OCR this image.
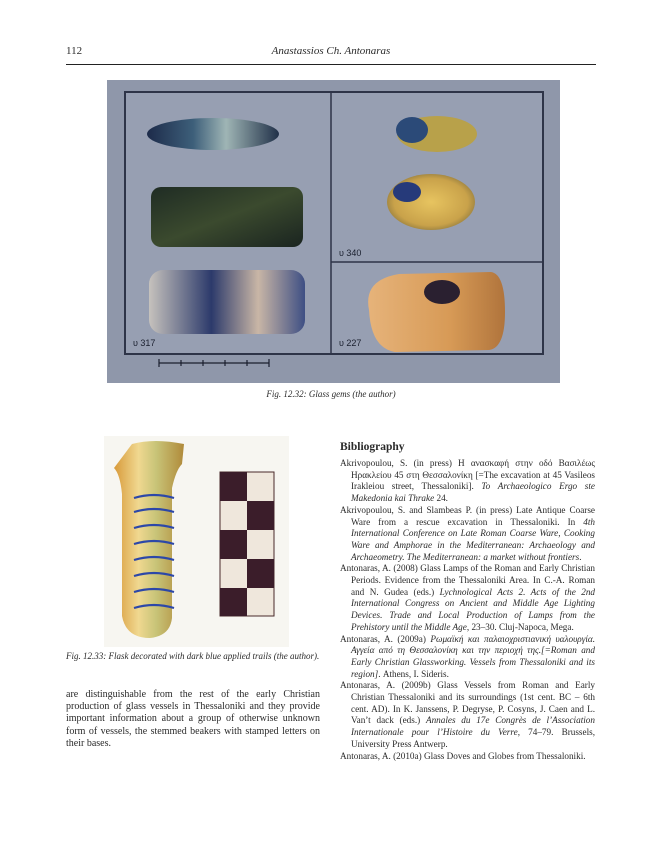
112	Anastassios Ch. Antonaras
υ 317
υ 340
υ 227
Fig. 12.32: Glass gems (the author)
Fig. 12.33: Flask decorated with dark blue applied trails (the author).
are distinguishable from the rest of the early Christian production of glass vessels in Thessaloniki and they provide important information about a group of otherwise unknown form of vessels, the stemmed beakers with stamped letters on their bases.
Bibliography

Akrivopoulou, S. (in press) Η ανασκαφή στην οδό Βασιλέως Ηρακλείου 45 στη Θεσσαλονίκη [=The excavation at 45 Vasileos Irakleiou street, Thessaloniki]. To Archaeologico Ergo ste Makedonia kai Thrake 24.

Akrivopoulou, S. and Slambeas P. (in press) Late Antique Coarse Ware from a rescue excavation in Thessaloniki. In 4th International Conference on Late Roman Coarse Ware, Cooking Ware and Amphorae in the Mediterranean: Archaeology and Archaeometry. The Mediterranean: a market without frontiers.

Antonaras, A. (2008) Glass Lamps of the Roman and Early Christian Periods. Evidence from the Thessaloniki Area. In C.-A. Roman and N. Gudea (eds.) Lychnological Acts 2. Acts of the 2nd International Congress on Ancient and Middle Age Lighting Devices. Trade and Local Production of Lamps from the Prehistory until the Middle Age, 23–30. Cluj-Napoca, Mega.

Antonaras, A. (2009a) Ρωμαϊκή και παλαιοχριστιανική υαλουργία. Αγγεία από τη Θεσσαλονίκη και την περιοχή της.[=Roman and Early Christian Glassworking. Vessels from Thessaloniki and its region]. Athens, I. Sideris.

Antonaras, A. (2009b) Glass Vessels from Roman and Early Christian Thessaloniki and its surroundings (1st cent. BC – 6th cent. AD). In K. Janssens, P. Degryse, P. Cosyns, J. Caen and L. Van’t dack (eds.) Annales du 17e Congrès de l’Association Internationale pour l’Histoire du Verre, 74–79. Brussels, University Press Antwerp.

Antonaras, A. (2010a) Glass Doves and Globes from Thessaloniki.
